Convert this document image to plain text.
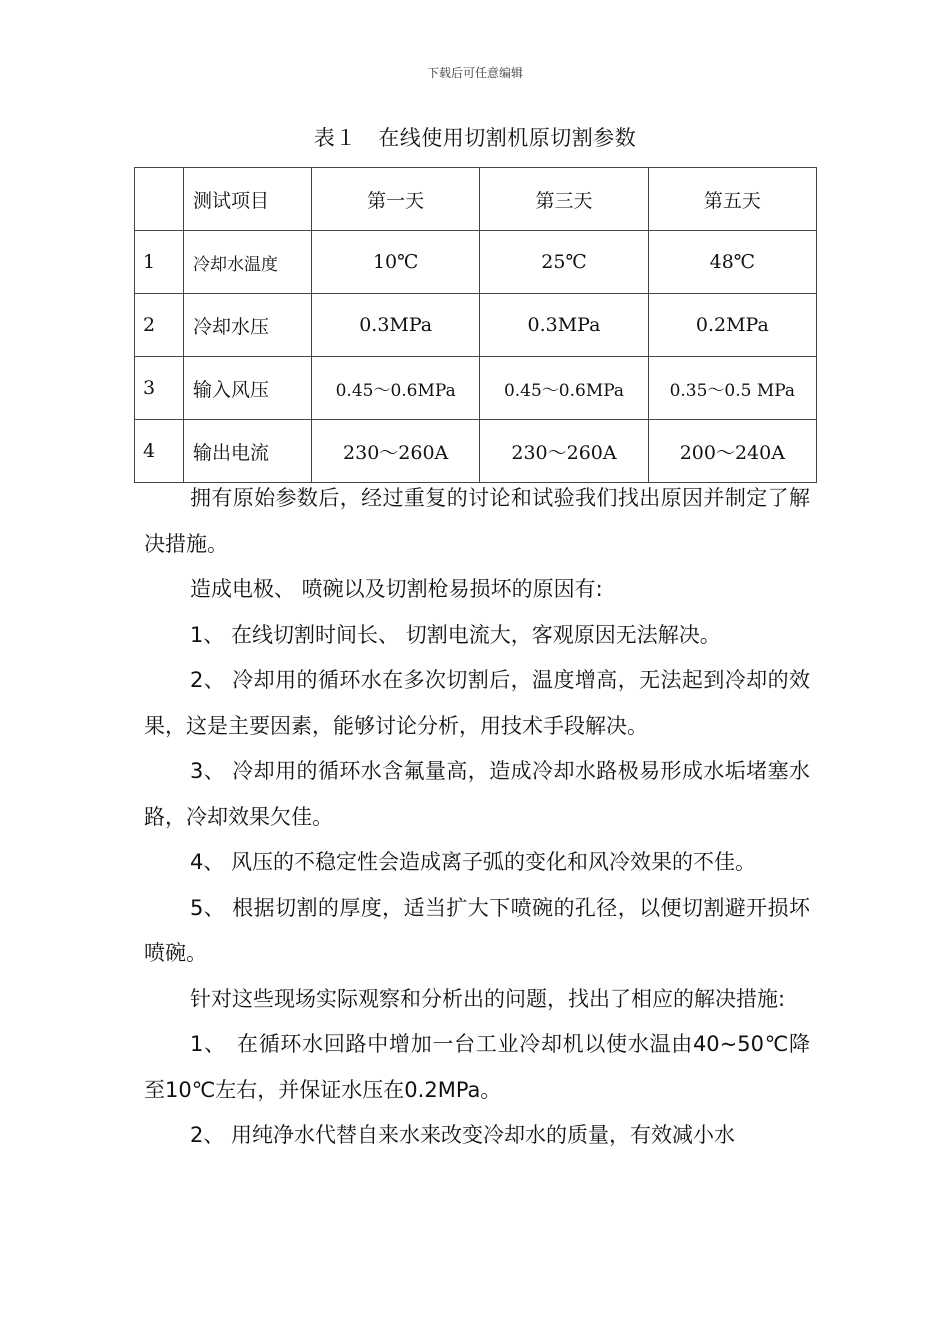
下载后可任意编辑
表１　在线使用切割机原切割参数
	测试项目	第一天	第三天	第五天
1	冷却水温度	10℃	25℃	48℃
2	冷却水压	0.3MPa	0.3MPa	0.2MPa
3	输入风压	0.45～0.6MPa	0.45～0.6MPa	0.35～0.5 MPa
4	输出电流	230～260A	230～260A	200～240A

拥有原始参数后，经过重复的讨论和试验我们找出原因并制定了解决措施。

造成电极、 喷碗以及切割枪易损坏的原因有:

1、 在线切割时间长、 切割电流大，客观原因无法解决。

2、 冷却用的循环水在多次切割后，温度增高，无法起到冷却的效果，这是主要因素，能够讨论分析，用技术手段解决。

3、 冷却用的循环水含氟量高，造成冷却水路极易形成水垢堵塞水路，冷却效果欠佳。

4、 风压的不稳定性会造成离子弧的变化和风冷效果的不佳。

5、 根据切割的厚度，适当扩大下喷碗的孔径，以便切割避开损坏喷碗。

针对这些现场实际观察和分析出的问题，找出了相应的解决措施:

1、　在循环水回路中增加一台工业冷却机以使水温由40~50℃降至10℃左右，并保证水压在0.2MPa。

2、 用纯净水代替自来水来改变冷却水的质量，有效减小水
